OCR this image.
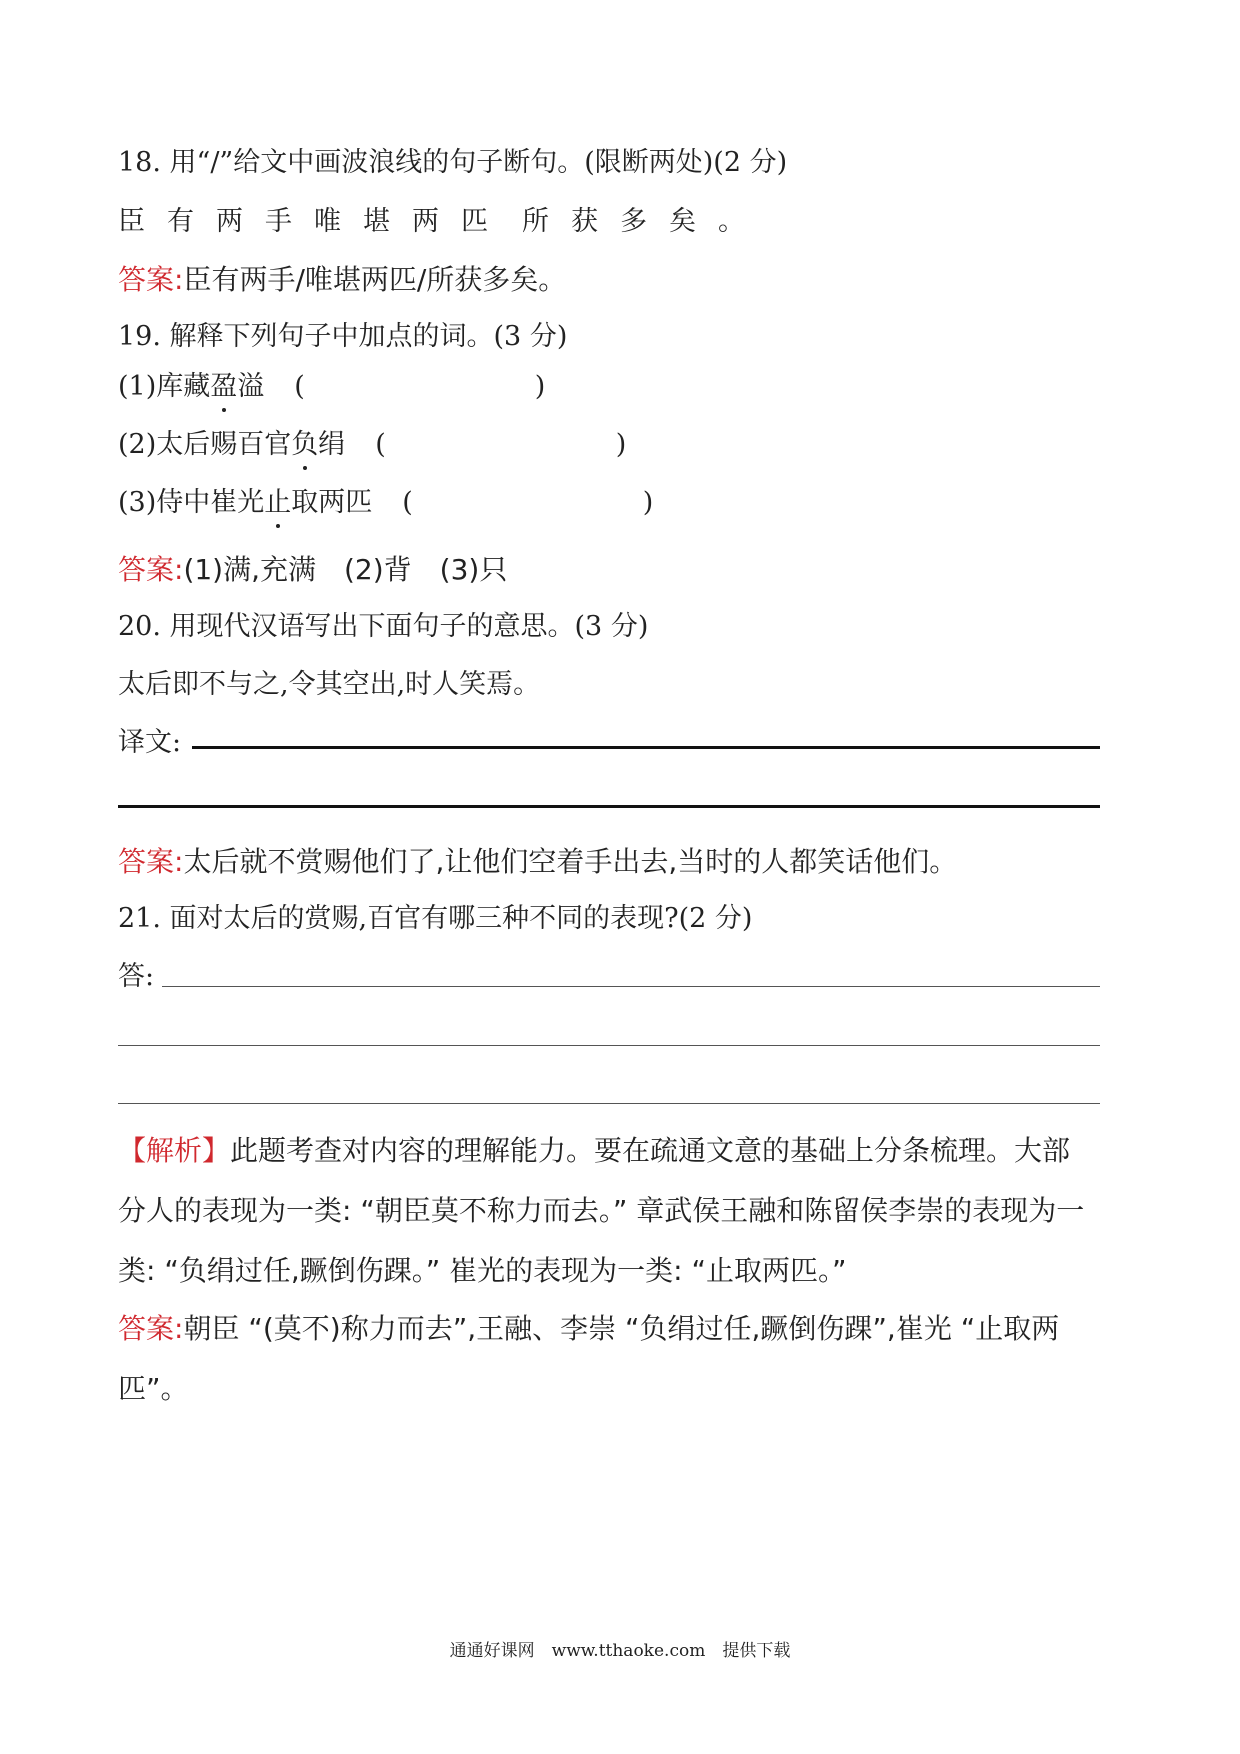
18. 用“/”给文中画波浪线的句子断句。(限断两处)(2 分)
臣有两手唯堪两匹 所获多矣。
答案:臣有两手/唯堪两匹/所获多矣。
19. 解释下列句子中加点的词。(3 分)
(1)库藏盈溢 (	)
(2)太后赐百官负绢 (	)
(3)侍中崔光止取两匹 (	)
答案:(1)满,充满　(2)背　(3)只
20. 用现代汉语写出下面句子的意思。(3 分)
太后即不与之,令其空出,时人笑焉。
译文:
答案:太后就不赏赐他们了,让他们空着手出去,当时的人都笑话他们。
21. 面对太后的赏赐,百官有哪三种不同的表现?(2 分)
答:
【解析】此题考查对内容的理解能力。要在疏通文意的基础上分条梳理。大部
分人的表现为一类: “朝臣莫不称力而去。” 章武侯王融和陈留侯李崇的表现为一
类: “负绢过任,蹶倒伤踝。” 崔光的表现为一类: “止取两匹。”
答案:朝臣 “(莫不)称力而去”,王融、李崇 “负绢过任,蹶倒伤踝”,崔光 “止取两
匹”。
通通好课网　www.tthaoke.com　提供下载
